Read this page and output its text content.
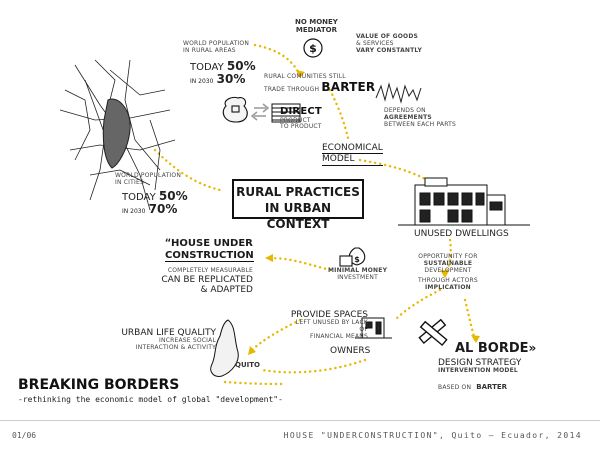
$
$
WORLD POPULATION
IN RURAL AREAS
TODAY 50%
IN 2030 30%
NO MONEY
MEDIATOR
VALUE OF GOODS
& SERVICES
VARY CONSTANTLY
RURAL COMUNITIES STILL
TRADE THROUGH BARTER
DIRECT
PRODUCT
TO PRODUCT
DEPENDS ON
AGREEMENTS
BETWEEN EACH PARTS
ECONOMICAL
MODEL
RURAL PRACTICES
IN URBAN CONTEXT
WORLD POPULATION
IN CITIES
TODAY 50%
IN 2030 70%
UNUSED DWELLINGS
OPPORTUNITY FOR
SUSTAINABLE
DEVELOPMENT
THROUGH ACTORS
IMPLICATION
“HOUSE UNDER
CONSTRUCTION
COMPLETELY MEASURABLE
CAN BE REPLICATED
& ADAPTED
MINIMAL MONEY
INVESTMENT
PROVIDE SPACES
LEFT UNUSED BY LACK
OF
FINANCIAL MEANS
OWNERS
URBAN LIFE QUALITY
INCREASE SOCIAL
INTERACTION & ACTIVITY
QUITO
AL BORDE»
DESIGN STRATEGY
INTERVENTION MODEL
BASED ON BARTER
BREAKING BORDERS
-rethinking the economic model of global "development"-
01/06	HOUSE "UNDERCONSTRUCTION", Quito – Ecuador, 2014
